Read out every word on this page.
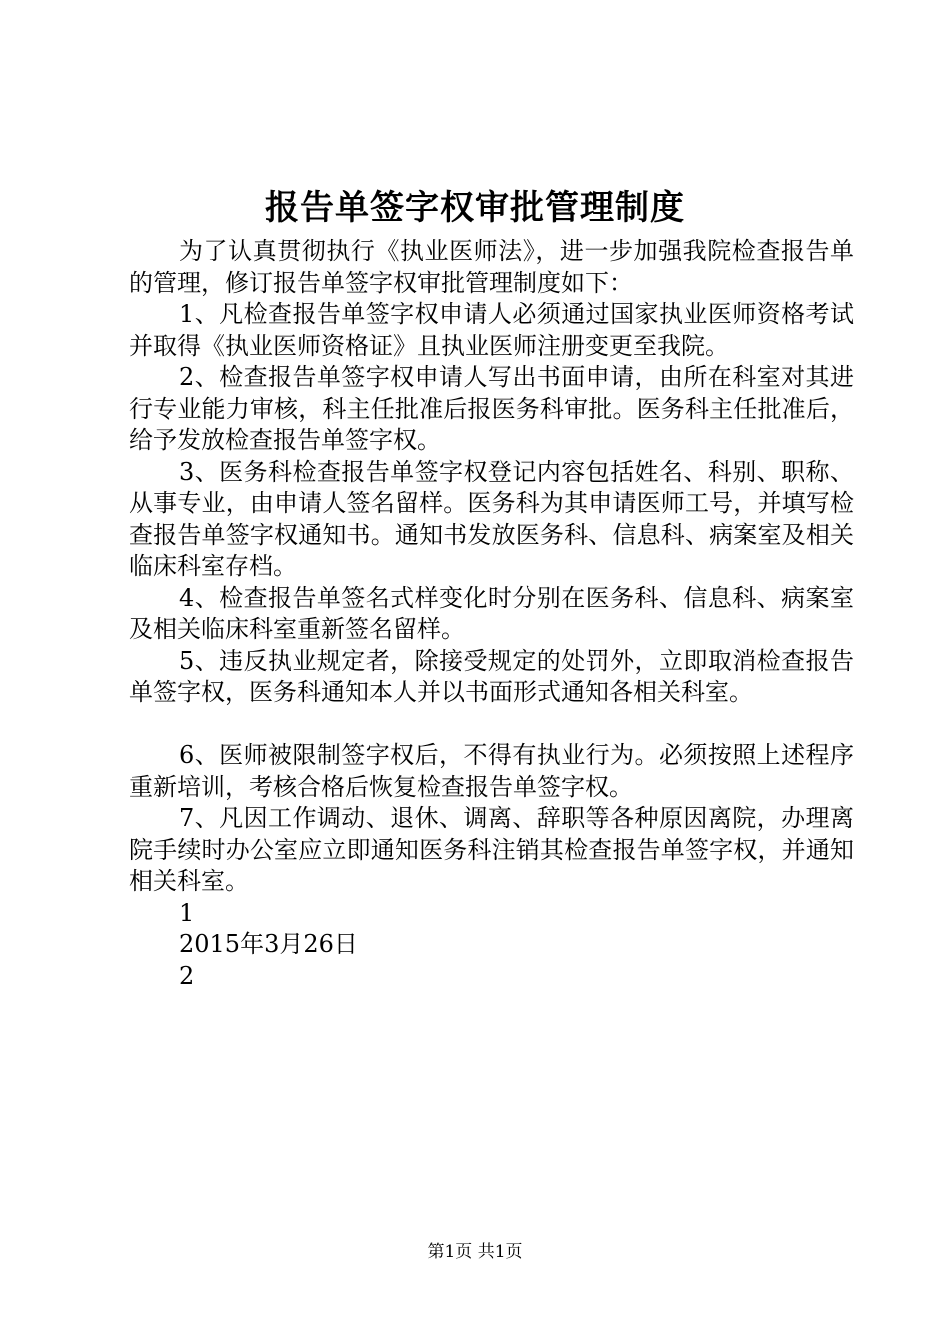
报告单签字权审批管理制度

为了认真贯彻执行《执业医师法》，进一步加强我院检查报告单的管理，修订报告单签字权审批管理制度如下：

1、凡检查报告单签字权申请人必须通过国家执业医师资格考试并取得《执业医师资格证》且执业医师注册变更至我院。

2、检查报告单签字权申请人写出书面申请，由所在科室对其进行专业能力审核，科主任批准后报医务科审批。医务科主任批准后，给予发放检查报告单签字权。

3、医务科检查报告单签字权登记内容包括姓名、科别、职称、从事专业，由申请人签名留样。医务科为其申请医师工号，并填写检查报告单签字权通知书。通知书发放医务科、信息科、病案室及相关临床科室存档。

4、检查报告单签名式样变化时分别在医务科、信息科、病案室及相关临床科室重新签名留样。

5、违反执业规定者，除接受规定的处罚外，立即取消检查报告单签字权，医务科通知本人并以书面形式通知各相关科室。

6、医师被限制签字权后，不得有执业行为。必须按照上述程序重新培训，考核合格后恢复检查报告单签字权。

7、凡因工作调动、退休、调离、辞职等各种原因离院，办理离院手续时办公室应立即通知医务科注销其检查报告单签字权，并通知相关科室。

1

2015年3月26日

2

第1页 共1页
